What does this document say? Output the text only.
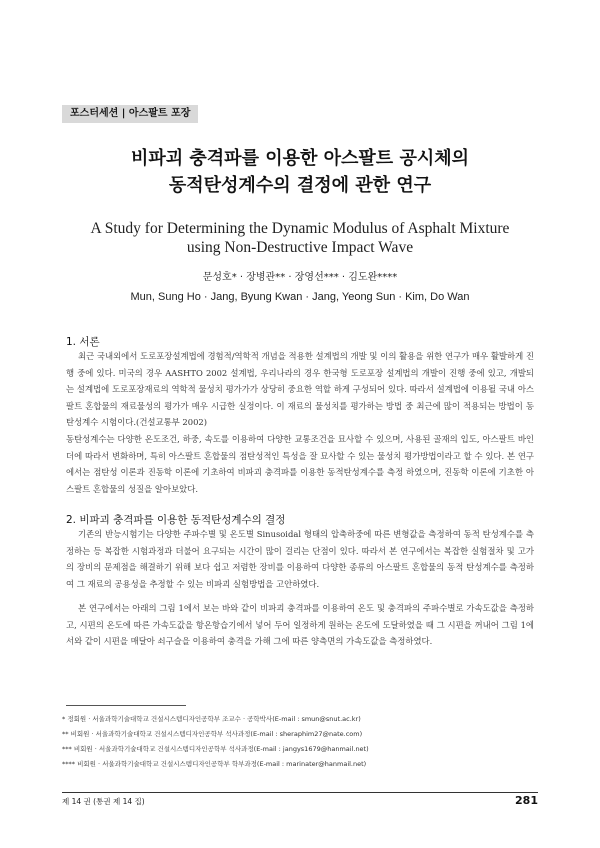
포스터세션 | 아스팔트 포장
비파괴 충격파를 이용한 아스팔트 공시체의
동적탄성계수의 결정에 관한 연구
A Study for Determining the Dynamic Modulus of Asphalt Mixture
using Non-Destructive Impact Wave
문성호* · 장병관** · 장영선*** · 김도완****
Mun, Sung Ho · Jang, Byung Kwan · Jang, Yeong Sun · Kim, Do Wan
1. 서론

최근 국내외에서 도로포장설계법에 경험적/역학적 개념을 적용한 설계법의 개발 및 이의 활용을 위한 연구가 매우 활발하게 진행 중에 있다. 미국의 경우 AASHTO 2002 설계법, 우리나라의 경우 한국형 도로포장 설계법의 개발이 진행 중에 있고, 개발되는 설계법에 도로포장재료의 역학적 물성치 평가가가 상당히 중요한 역할 하게 구성되어 있다. 따라서 설계법에 이용될 국내 아스팔트 혼합물의 재료물성의 평가가 매우 시급한 실정이다. 이 재료의 물성치를 평가하는 방법 중 최근에 많이 적용되는 방법이 동탄성계수 시험이다.(건설교통부 2002)

동탄성계수는 다양한 온도조건, 하중, 속도를 이용하여 다양한 교통조건을 묘사할 수 있으며, 사용된 골재의 입도, 아스팔트 바인더에 따라서 변화하며, 특히 아스팔트 혼합물의 점탄성적인 특성을 잘 묘사할 수 있는 물성치 평가방법이라고 할 수 있다. 본 연구에서는 점탄성 이론과 진동학 이론에 기초하여 비파괴 충격파를 이용한 동적탄성계수를 측정 하였으며, 진동학 이론에 기초한 아스팔트 혼합물의 성질을 알아보았다.

2. 비파괴 충격파를 이용한 동적탄성계수의 결정

기존의 반능시험기는 다양한 주파수별 및 온도별 Sinusoidal 형태의 압축하중에 따른 변형값을 측정하여 동적 탄성계수를 측정하는 등 복잡한 시험과정과 더불어 요구되는 시간이 많이 걸리는 단점이 있다. 따라서 본 연구에서는 복잡한 실험절차 및 고가의 장비의 문제점을 해결하기 위해 보다 쉽고 저렴한 장비를 이용하여 다양한 종류의 아스팔트 혼합물의 동적 탄성계수를 측정하여 그 재료의 공용성을 추정할 수 있는 비파괴 실험방법을 고안하였다.

본 연구에서는 아래의 그림 1에서 보는 바와 같이 비파괴 충격파를 이용하여 온도 및 충격파의 주파수별로 가속도값을 측정하고, 시편의 온도에 따른 가속도값을 항온항습기에서 넣어 두어 일정하게 원하는 온도에 도달하였을 때 그 시편을 꺼내어 그림 1에서와 같이 시편을 매달아 쇠구슬을 이용하여 충격을 가해 그에 따른 양측면의 가속도값을 측정하였다.

* 정회원 · 서울과학기술대학교 건설시스템디자인공학부 조교수 · 공학박사(E-mail : smun@snut.ac.kr)
** 비회원 · 서울과학기술대학교 건설시스템디자인공학부 석사과정(E-mail : sheraphim27@nate.com)
*** 비회원 · 서울과학기술대학교 건설시스템디자인공학부 석사과정(E-mail : jangys1679@hanmail.net)
**** 비회원 · 서울과학기술대학교 건설시스템디자인공학부 학부과정(E-mail : marinater@hanmail.net)
제 14 권 (통권 제 14 집)	281
